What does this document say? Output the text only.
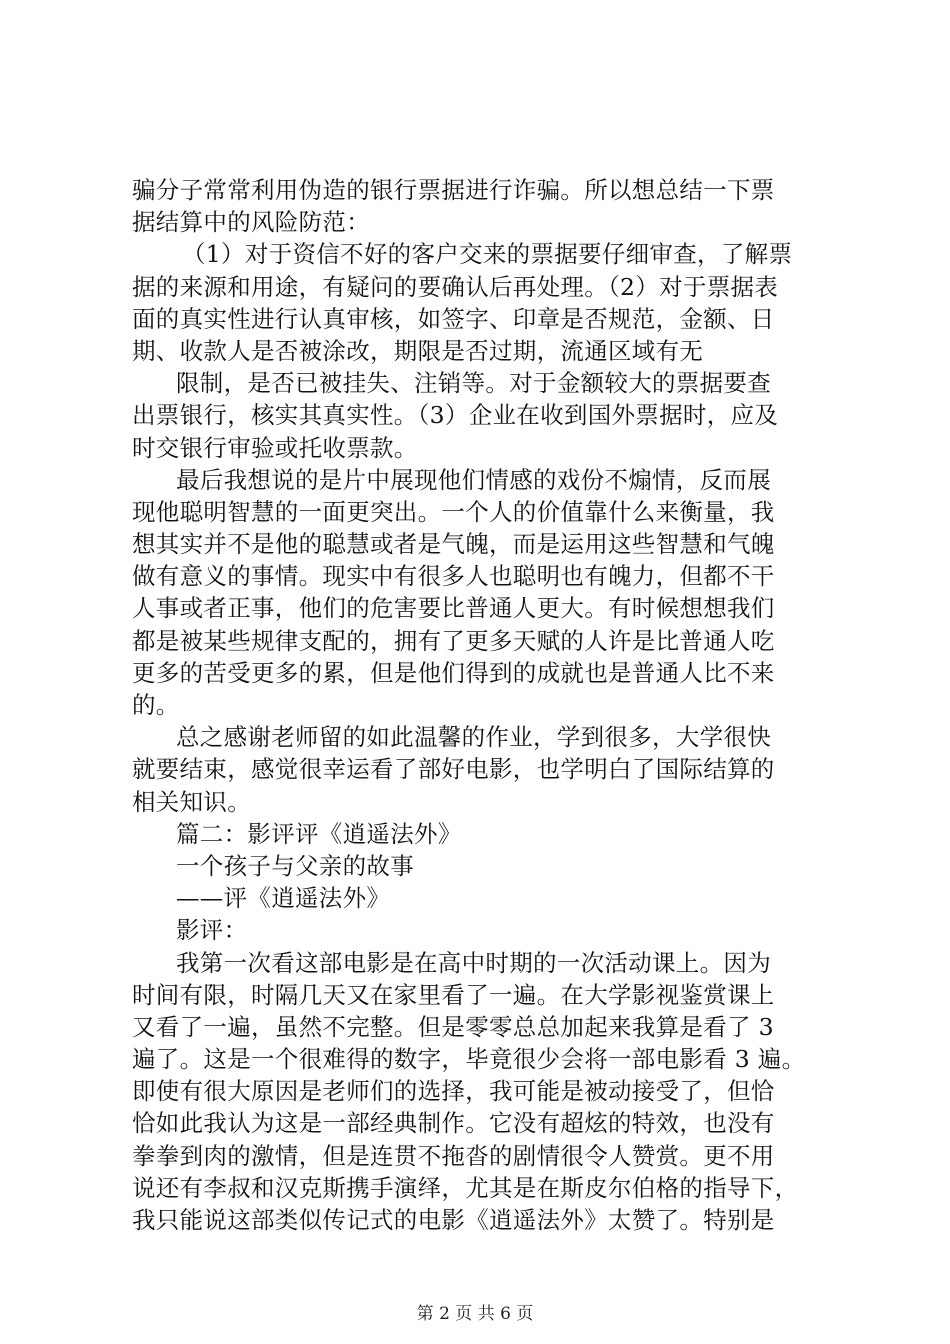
骗分子常常利用伪造的银行票据进行诈骗。所以想总结一下票
据结算中的风险防范：
（1）对于资信不好的客户交来的票据要仔细审查，了解票
据的来源和用途，有疑问的要确认后再处理。（2）对于票据表
面的真实性进行认真审核，如签字、印章是否规范，金额、日
期、收款人是否被涂改，期限是否过期，流通区域有无
限制，是否已被挂失、注销等。对于金额较大的票据要查
出票银行，核实其真实性。（3）企业在收到国外票据时，应及
时交银行审验或托收票款。
最后我想说的是片中展现他们情感的戏份不煽情，反而展
现他聪明智慧的一面更突出。一个人的价值靠什么来衡量，我
想其实并不是他的聪慧或者是气魄，而是运用这些智慧和气魄
做有意义的事情。现实中有很多人也聪明也有魄力，但都不干
人事或者正事，他们的危害要比普通人更大。有时候想想我们
都是被某些规律支配的，拥有了更多天赋的人许是比普通人吃
更多的苦受更多的累，但是他们得到的成就也是普通人比不来
的。
总之感谢老师留的如此温馨的作业，学到很多，大学很快
就要结束，感觉很幸运看了部好电影，也学明白了国际结算的
相关知识。
篇二：影评评《逍遥法外》
一个孩子与父亲的故事
——评《逍遥法外》
影评：
我第一次看这部电影是在高中时期的一次活动课上。因为
时间有限，时隔几天又在家里看了一遍。在大学影视鉴赏课上
又看了一遍，虽然不完整。但是零零总总加起来我算是看了 3
遍了。这是一个很难得的数字，毕竟很少会将一部电影看 3 遍。
即使有很大原因是老师们的选择，我可能是被动接受了，但恰
恰如此我认为这是一部经典制作。它没有超炫的特效，也没有
拳拳到肉的激情，但是连贯不拖沓的剧情很令人赞赏。更不用
说还有李叔和汉克斯携手演绎，尤其是在斯皮尔伯格的指导下，
我只能说这部类似传记式的电影《逍遥法外》太赞了。特别是
第 2 页 共 6 页
